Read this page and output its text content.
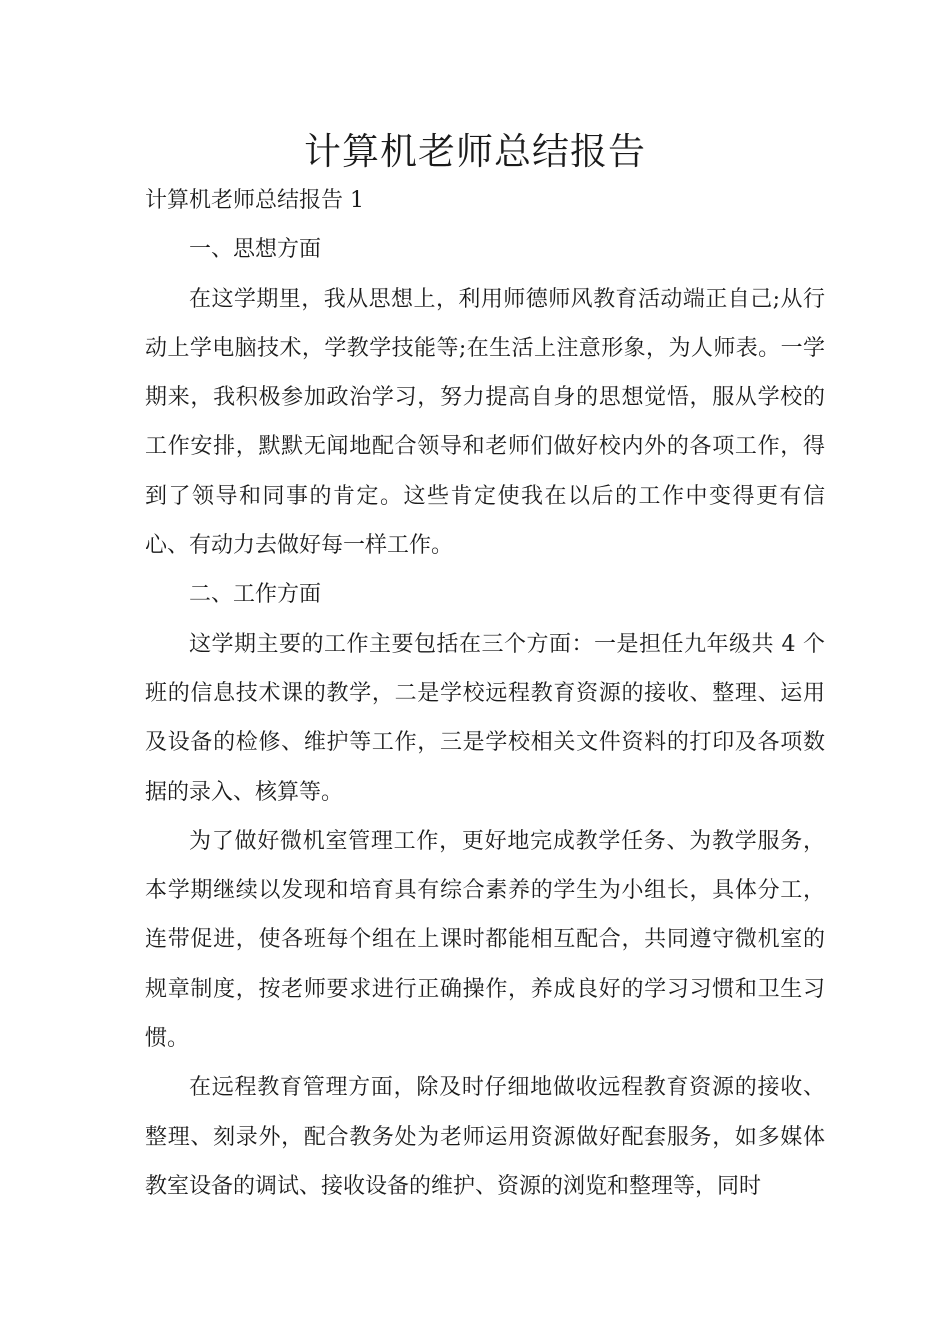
计算机老师总结报告

计算机老师总结报告 1

一、思想方面

在这学期里，我从思想上，利用师德师风教育活动端正自己;从行动上学电脑技术，学教学技能等;在生活上注意形象，为人师表。一学期来，我积极参加政治学习，努力提高自身的思想觉悟，服从学校的工作安排，默默无闻地配合领导和老师们做好校内外的各项工作，得到了领导和同事的肯定。这些肯定使我在以后的工作中变得更有信心、有动力去做好每一样工作。

二、工作方面

这学期主要的工作主要包括在三个方面：一是担任九年级共 4 个班的信息技术课的教学，二是学校远程教育资源的接收、整理、运用及设备的检修、维护等工作，三是学校相关文件资料的打印及各项数据的录入、核算等。

为了做好微机室管理工作，更好地完成教学任务、为教学服务，本学期继续以发现和培育具有综合素养的学生为小组长，具体分工，连带促进，使各班每个组在上课时都能相互配合，共同遵守微机室的规章制度，按老师要求进行正确操作，养成良好的学习习惯和卫生习惯。

在远程教育管理方面，除及时仔细地做收远程教育资源的接收、整理、刻录外，配合教务处为老师运用资源做好配套服务，如多媒体教室设备的调试、接收设备的维护、资源的浏览和整理等，同时
